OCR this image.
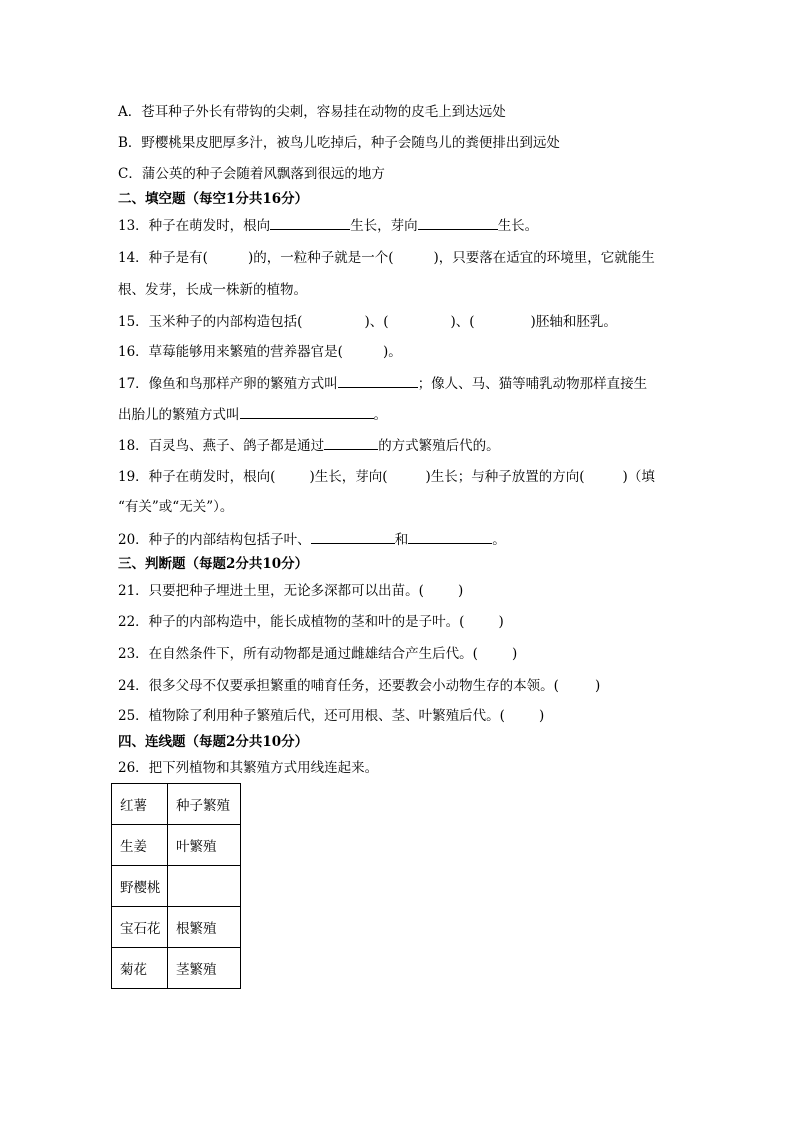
A．苍耳种子外长有带钩的尖刺，容易挂在动物的皮毛上到达远处
B．野樱桃果皮肥厚多汁，被鸟儿吃掉后，种子会随鸟儿的粪便排出到远处
C．蒲公英的种子会随着风飘落到很远的地方
二、填空题（每空1分共16分）
13．种子在萌发时，根向	生长，芽向	生长。
14．种子是有(	)的，一粒种子就是一个(	)，只要落在适宜的环境里，它就能生
根、发芽，长成一株新的植物。
15．玉米种子的内部构造包括(	)、(	)、(	)胚轴和胚乳。
16．草莓能够用来繁殖的营养器官是(	)。
17．像鱼和鸟那样产卵的繁殖方式叫	；像人、马、猫等哺乳动物那样直接生
出胎儿的繁殖方式叫	。
18．百灵鸟、燕子、鸽子都是通过	的方式繁殖后代的。
19．种子在萌发时，根向(	)生长，芽向(	)生长；与种子放置的方向(	)（填
“有关”或“无关”）。
20．种子的内部结构包括子叶、	和	。
三、判断题（每题2分共10分）
21．只要把种子埋进土里，无论多深都可以出苗。(	)
22．种子的内部构造中，能长成植物的茎和叶的是子叶。(	)
23．在自然条件下，所有动物都是通过雌雄结合产生后代。(	)
24．很多父母不仅要承担繁重的哺育任务，还要教会小动物生存的本领。(	)
25．植物除了利用种子繁殖后代，还可用根、茎、叶繁殖后代。(	)
四、连线题（每题2分共10分）
26．把下列植物和其繁殖方式用线连起来。
红薯	种子繁殖
生姜	叶繁殖
野樱桃	
宝石花	根繁殖
菊花	茎繁殖
